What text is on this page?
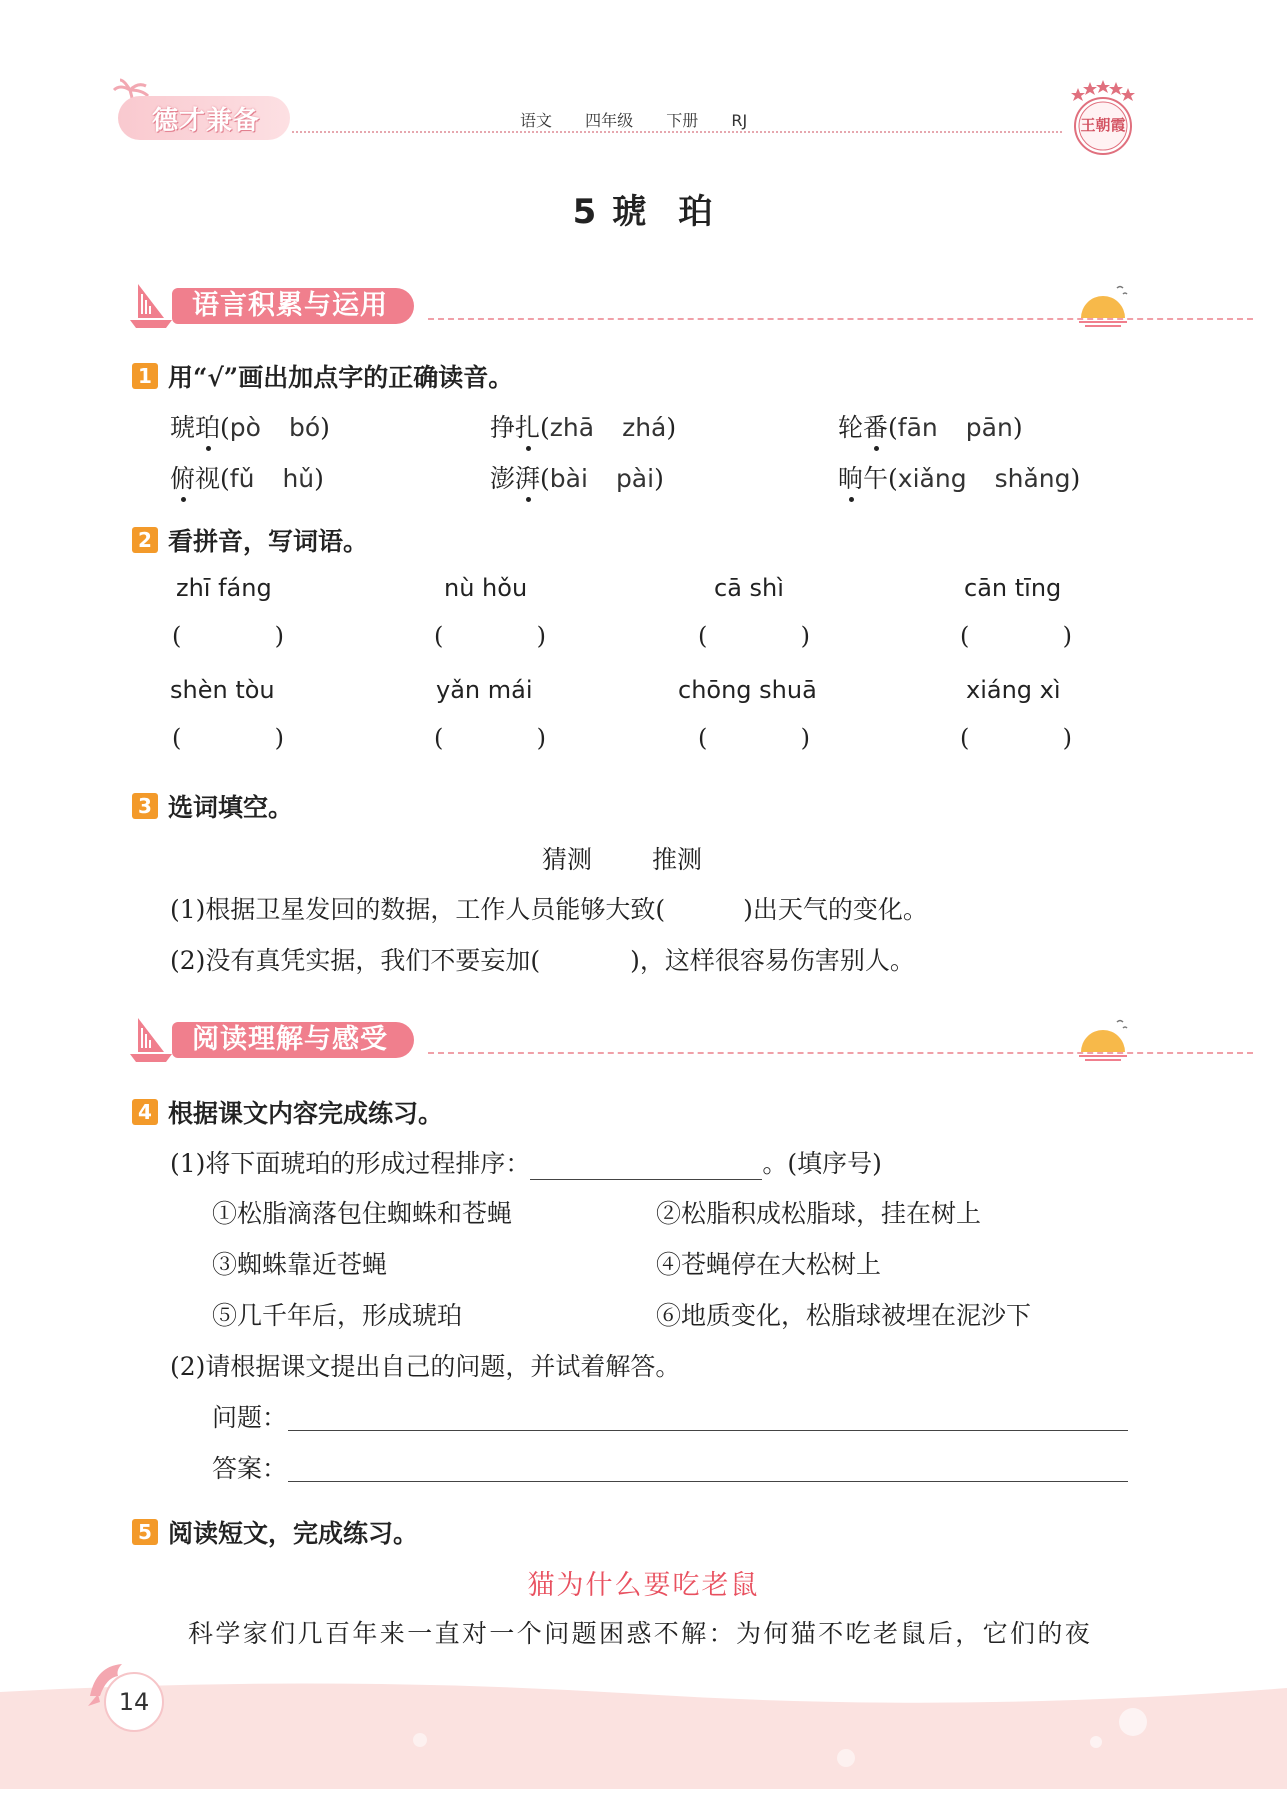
德才兼备	语文 四年级 下册 RJ	王朝霞
5 琥 珀
语言积累与运用
1 用“√”画出加点字的正确读音。
琥珀(pò bó)	挣扎(zhā zhá)	轮番(fān pān)
俯视(fǔ hǔ)	澎湃(bài pài)	晌午(xiǎng shǎng)
2 看拼音，写词语。
zhī fáng	nù hǒu	cā shì	cān tīng
(	)	(	)	(	)	(	)
shèn tòu	yǎn mái	chōng shuā	xiáng xì
(	)	(	)	(	)	(	)
3 选词填空。
猜测 推测
(1)根据卫星发回的数据，工作人员能够大致(	)出天气的变化。
(2)没有真凭实据，我们不要妄加(	)，这样很容易伤害别人。
阅读理解与感受
4 根据课文内容完成练习。
(1)将下面琥珀的形成过程排序：	。(填序号)
①松脂滴落包住蜘蛛和苍蝇	②松脂积成松脂球，挂在树上
③蜘蛛靠近苍蝇	④苍蝇停在大松树上
⑤几千年后，形成琥珀	⑥地质变化，松脂球被埋在泥沙下
(2)请根据课文提出自己的问题，并试着解答。
问题：
答案：
5 阅读短文，完成练习。
猫为什么要吃老鼠
科学家们几百年来一直对一个问题困惑不解：为何猫不吃老鼠后，它们的夜
14
